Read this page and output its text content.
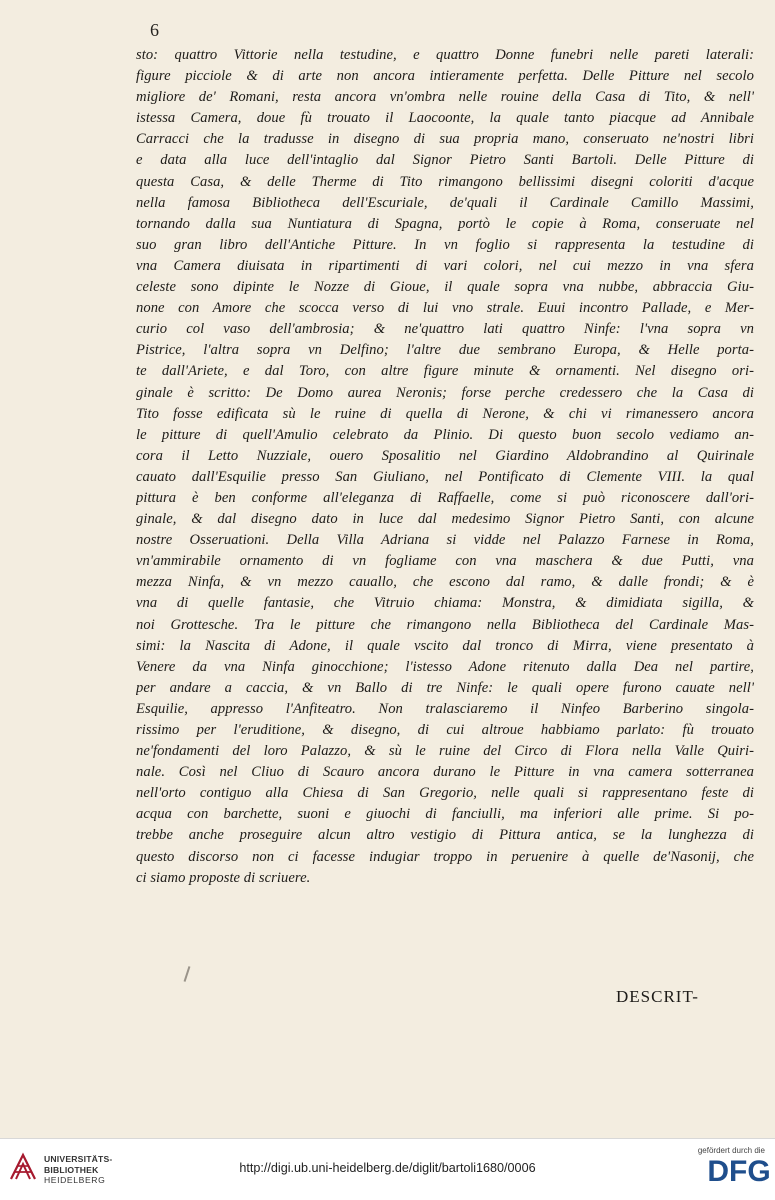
6
sto: quattro Vittorie nella testudine, e quattro Donne funebri nelle pareti laterali:
figure picciole & di arte non ancora intieramente perfetta. Delle Pitture nel secolo
migliore de' Romani, resta ancora vn'ombra nelle rouine della Casa di Tito, & nell'
istessa Camera, doue fù trouato il Laocoonte, la quale tanto piacque ad Annibale
Carracci che la tradusse in disegno di sua propria mano, conseruato ne'nostri libri
e data alla luce dell'intaglio dal Signor Pietro Santi Bartoli. Delle Pitture di
questa Casa, & delle Therme di Tito rimangono bellissimi disegni coloriti d'acque
nella famosa Bibliotheca dell'Escuriale, de'quali il Cardinale Camillo Massimi,
tornando dalla sua Nuntiatura di Spagna, portò le copie à Roma, conseruate nel
suo gran libro dell'Antiche Pitture. In vn foglio si rappresenta la testudine di
vna Camera diuisata in ripartimenti di vari colori, nel cui mezzo in vna sfera
celeste sono dipinte le Nozze di Gioue, il quale sopra vna nubbe, abbraccia Giu-
none con Amore che scocca verso di lui vno strale. Euui incontro Pallade, e Mer-
curio col vaso dell'ambrosia; & ne'quattro lati quattro Ninfe: l'vna sopra vn
Pistrice, l'altra sopra vn Delfino; l'altre due sembrano Europa, & Helle porta-
te dall'Ariete, e dal Toro, con altre figure minute & ornamenti. Nel disegno ori-
ginale è scritto: De Domo aurea Neronis; forse perche credessero che la Casa di
Tito fosse edificata sù le ruine di quella di Nerone, & chi vi rimanessero ancora
le pitture di quell'Amulio celebrato da Plinio. Di questo buon secolo vediamo an-
cora il Letto Nuzziale, ouero Sposalitio nel Giardino Aldobrandino al Quirinale
cauato dall'Esquilie presso San Giuliano, nel Pontificato di Clemente VIII. la qual
pittura è ben conforme all'eleganza di Raffaelle, come si può riconoscere dall'ori-
ginale, & dal disegno dato in luce dal medesimo Signor Pietro Santi, con alcune
nostre Osseruationi. Della Villa Adriana si vidde nel Palazzo Farnese in Roma,
vn'ammirabile ornamento di vn fogliame con vna maschera & due Putti, vna
mezza Ninfa, & vn mezzo cauallo, che escono dal ramo, & dalle frondi; & è
vna di quelle fantasie, che Vitruio chiama: Monstra, & dimidiata sigilla, &
noi Grottesche. Tra le pitture che rimangono nella Bibliotheca del Cardinale Mas-
simi: la Nascita di Adone, il quale vscito dal tronco di Mirra, viene presentato à
Venere da vna Ninfa ginocchione; l'istesso Adone ritenuto dalla Dea nel partire,
per andare a caccia, & vn Ballo di tre Ninfe: le quali opere furono cauate nell'
Esquilie, appresso l'Anfiteatro. Non tralasciaremo il Ninfeo Barberino singola-
rissimo per l'eruditione, & disegno, di cui altroue habbiamo parlato: fù trouato
ne'fondamenti del loro Palazzo, & sù le ruine del Circo di Flora nella Valle Quiri-
nale. Così nel Cliuo di Scauro ancora durano le Pitture in vna camera sotterranea
nell'orto contiguo alla Chiesa di San Gregorio, nelle quali si rappresentano feste di
acqua con barchette, suoni e giuochi di fanciulli, ma inferiori alle prime. Si po-
trebbe anche proseguire alcun altro vestigio di Pittura antica, se la lunghezza di
questo discorso non ci facesse indugiar troppo in peruenire à quelle de'Nasonij, che
ci siamo proposte di scriuere.
DESCRIT-
UNIVERSITÄTS-
BIBLIOTHEK
HEIDELBERG
http://digi.ub.uni-heidelberg.de/diglit/bartoli1680/0006
gefördert durch die
DFG
